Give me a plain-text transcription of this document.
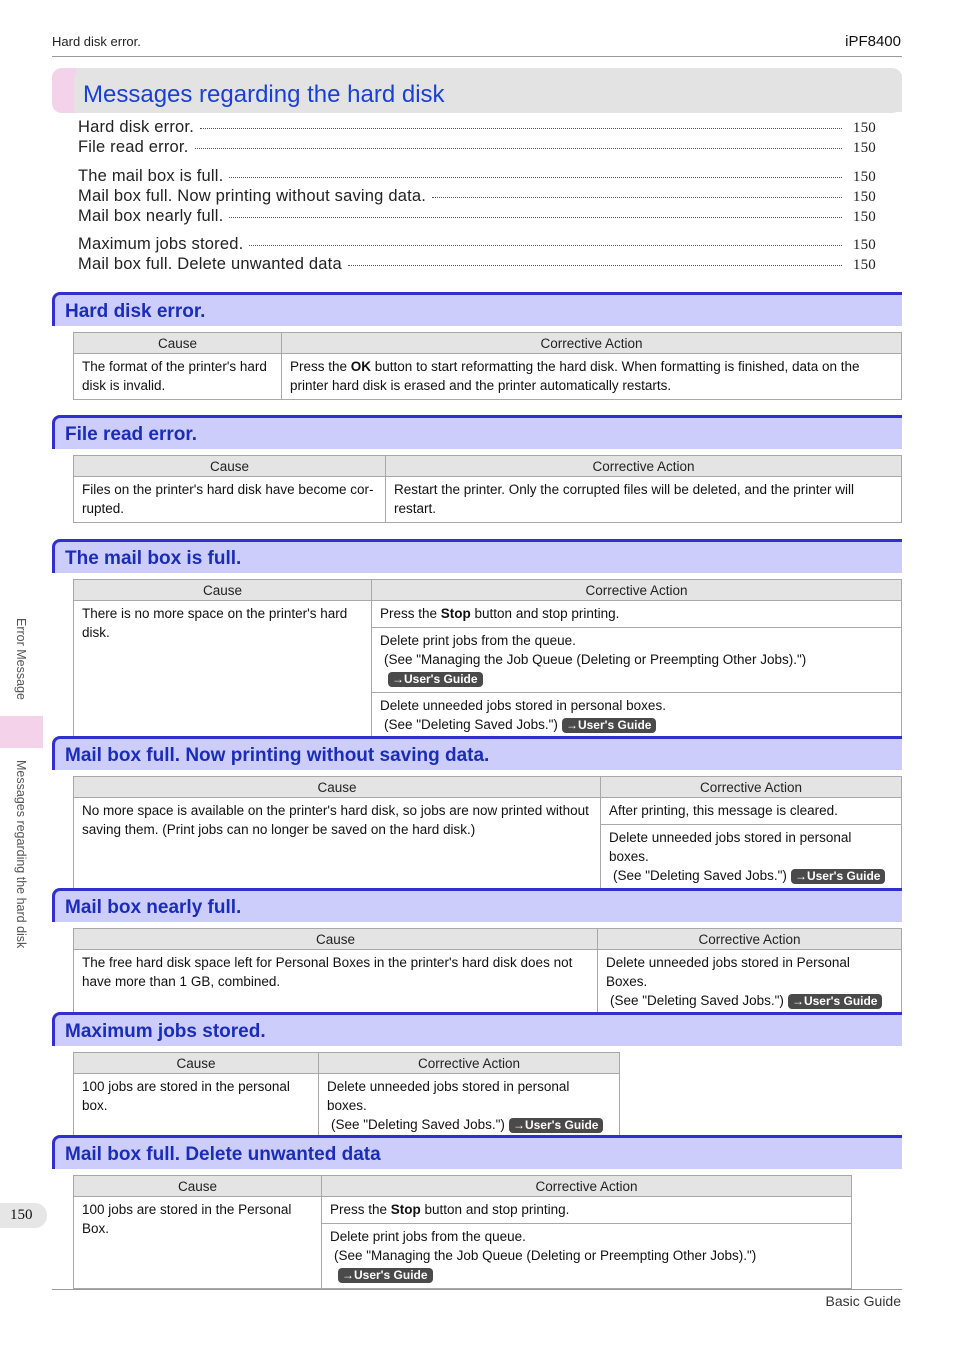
Hard disk error.	iPF8400
Error Message
Messages regarding the hard disk
Messages regarding the hard disk
Hard disk error.	150
File read error.	150
The mail box is full.	150
Mail box full. Now printing without saving data.	150
Mail box nearly full.	150
Maximum jobs stored.	150
Mail box full. Delete unwanted data	150
Hard disk error.
Cause	Corrective Action
The format of the printer's hard disk is invalid.	Press the OK button to start reformatting the hard disk. When formatting is finished, data on the printer hard disk is erased and the printer automatically restarts.
File read error.
Cause	Corrective Action
Files on the printer's hard disk have become cor-rupted.	Restart the printer. Only the corrupted files will be deleted, and the printer will restart.
The mail box is full.
Cause	Corrective Action
There is no more space on the printer's hard disk.	Press the Stop button and stop printing.

	Delete print jobs from the queue.
(See "Managing the Job Queue (Deleting or Preempting Other Jobs).")→User's Guide

	Delete unneeded jobs stored in personal boxes.
(See "Deleting Saved Jobs.") →User's Guide
Mail box full. Now printing without saving data.
Cause	Corrective Action
No more space is available on the printer's hard disk, so jobs are now printed without saving them. (Print jobs can no longer be saved on the hard disk.)	After printing, this message is cleared.

	Delete unneeded jobs stored in personal boxes.
(See "Deleting Saved Jobs.") →User's Guide
Mail box nearly full.
Cause	Corrective Action
The free hard disk space left for Personal Boxes in the printer's hard disk does not have more than 1 GB, combined.	Delete unneeded jobs stored in Personal Boxes.
(See "Deleting Saved Jobs.") →User's Guide
Maximum jobs stored.
Cause	Corrective Action
100 jobs are stored in the personal box.	Delete unneeded jobs stored in personal boxes.
(See "Deleting Saved Jobs.") →User's Guide
Mail box full. Delete unwanted data
Cause	Corrective Action
100 jobs are stored in the Personal Box.	Press the Stop button and stop printing.

	Delete print jobs from the queue.
(See "Managing the Job Queue (Deleting or Preempting Other Jobs).")→User's Guide
150
Basic Guide
